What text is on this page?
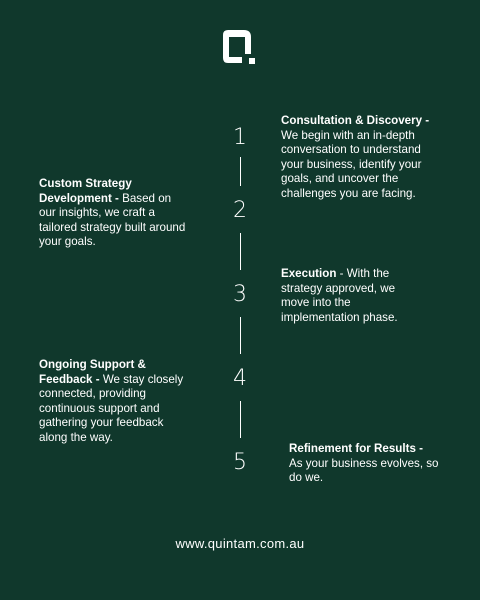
Consultation & Discovery - We begin with an in-depth conversation to understand your business, identify your goals, and uncover the challenges you are facing.
Custom Strategy Development - Based on our insights, we craft a tailored strategy built around your goals.
Execution - With the strategy approved, we move into the implementation phase.
Ongoing Support & Feedback - We stay closely connected, providing continuous support and gathering your feedback along the way.
Refinement for Results - As your business evolves, so do we.
1
2
3
4
5
www.quintam.com.au
